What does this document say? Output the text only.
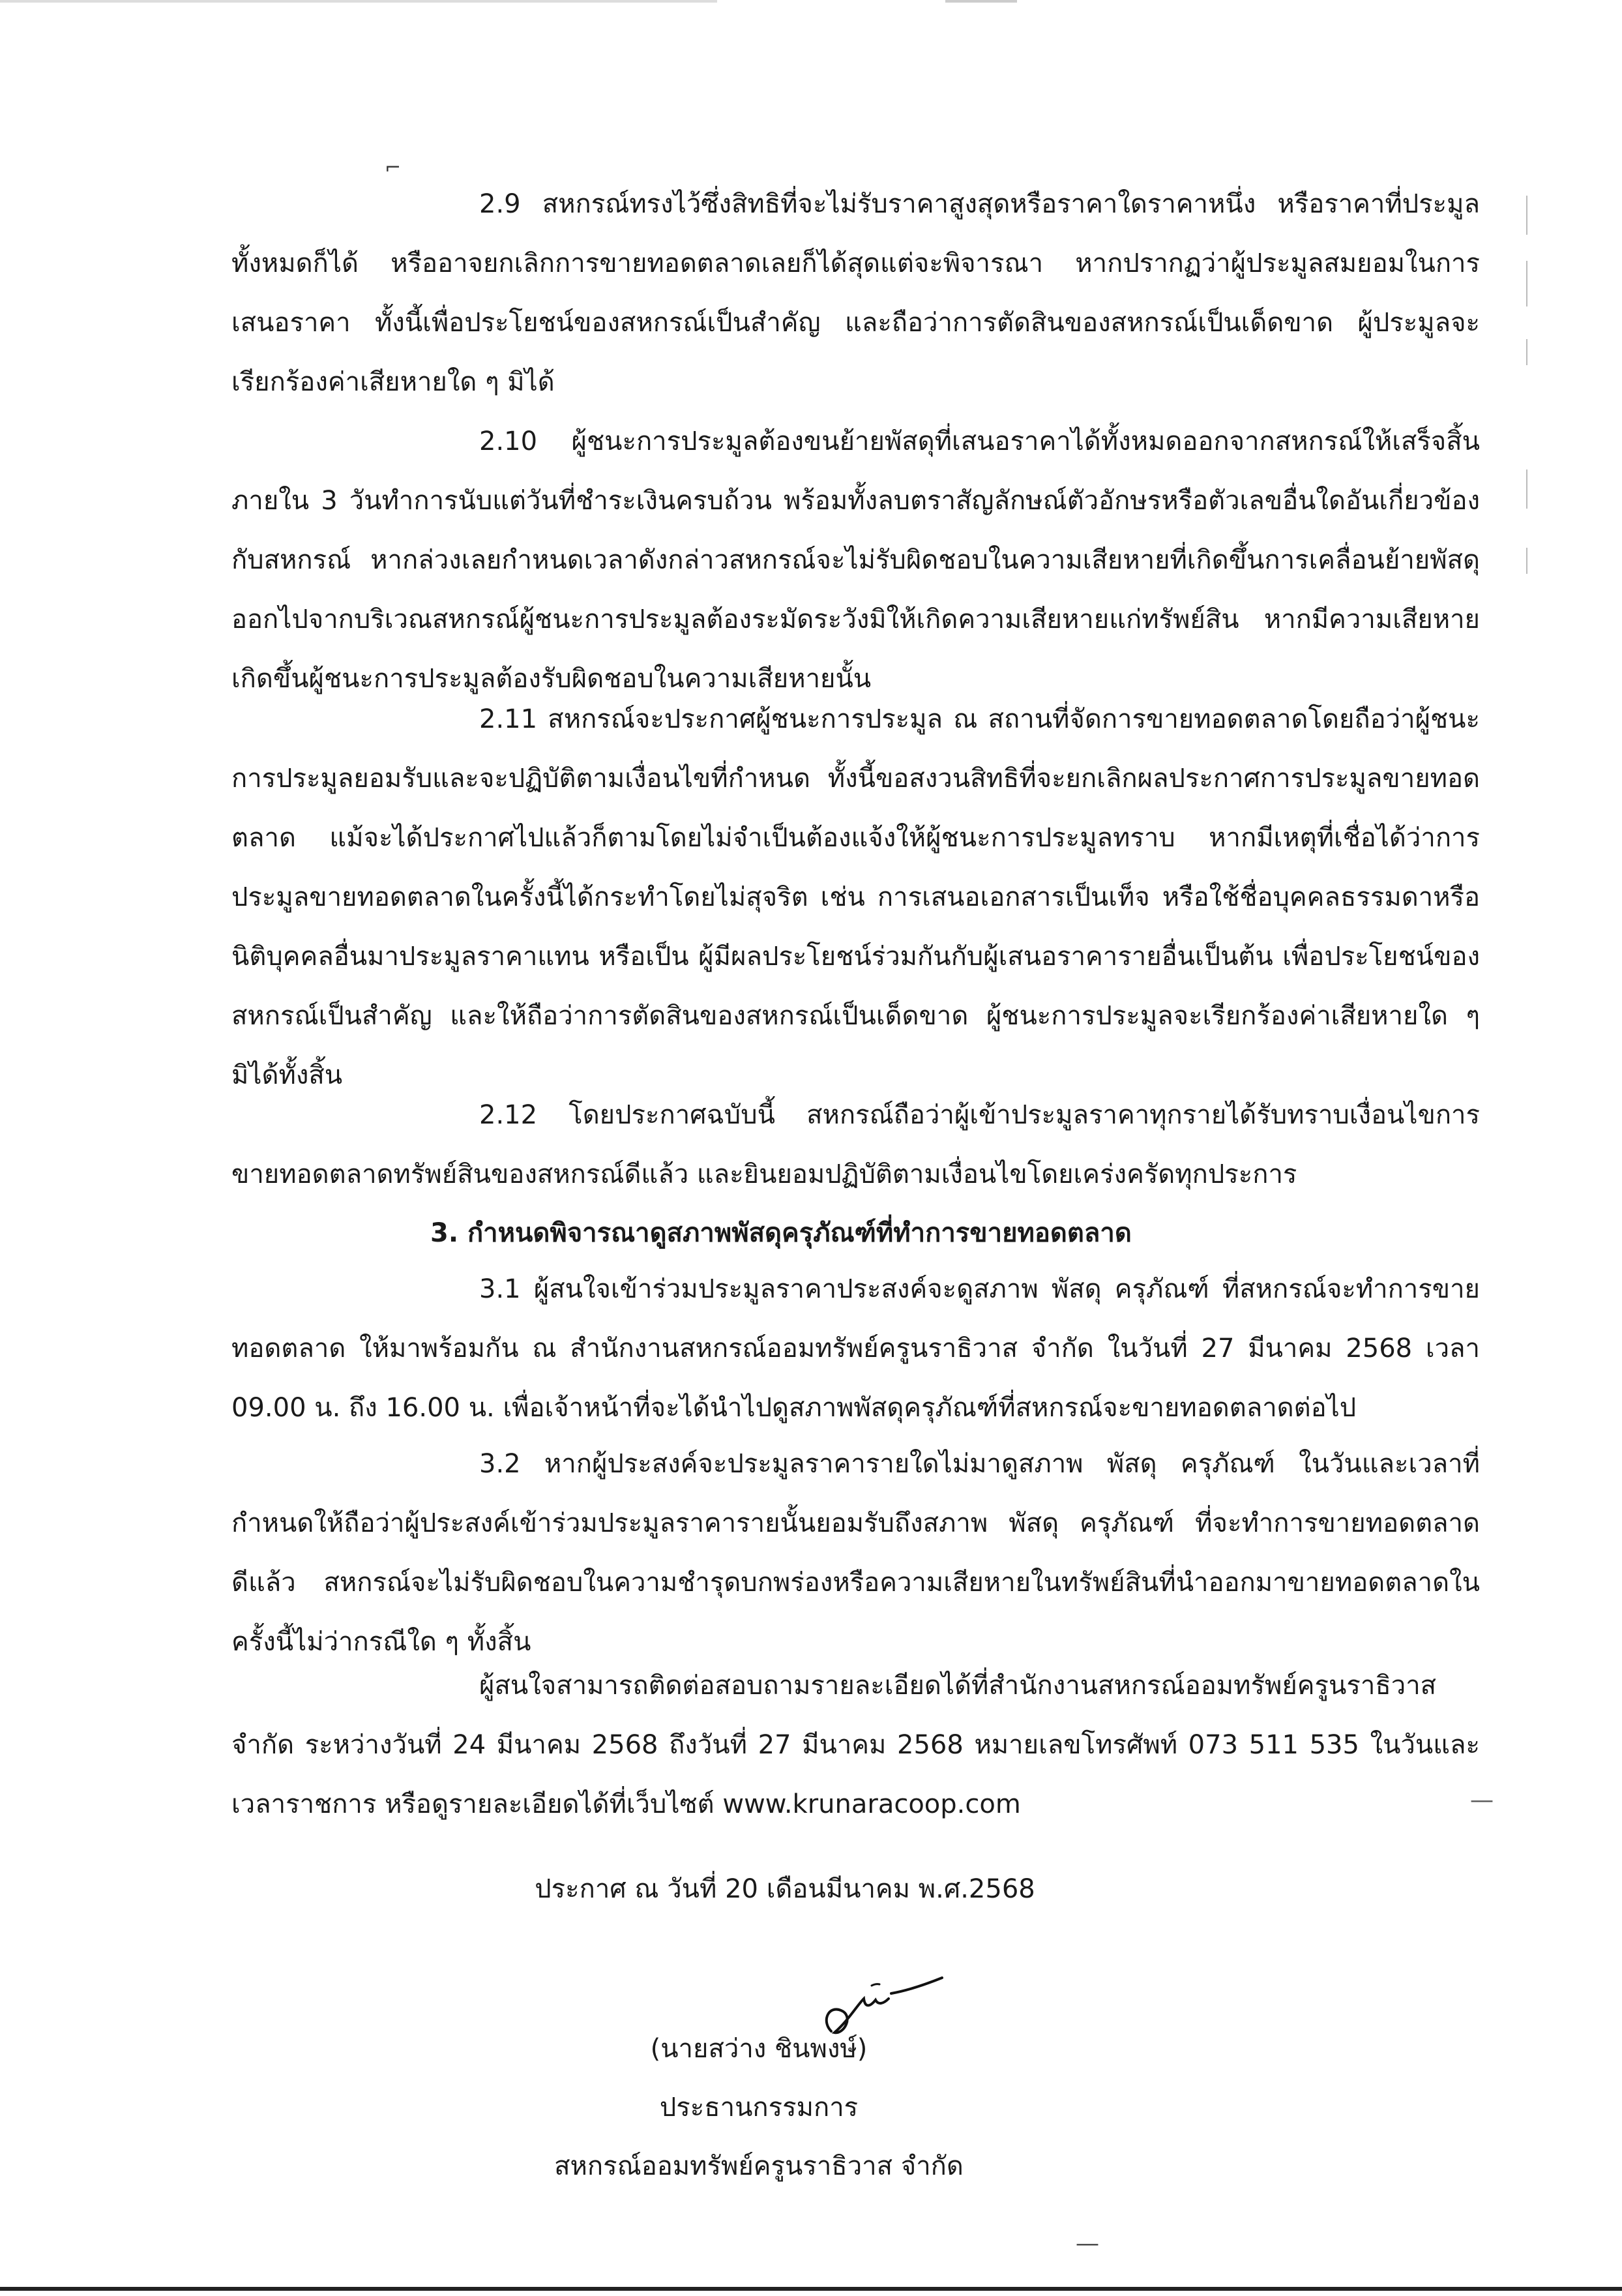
⌐
2.9 สหกรณ์ทรงไว้ซึ่งสิทธิที่จะไม่รับราคาสูงสุดหรือราคาใดราคาหนึ่ง หรือราคาที่ประมูลทั้งหมดก็ได้ หรืออาจยกเลิกการขายทอดตลาดเลยก็ได้สุดแต่จะพิจารณา หากปรากฏว่าผู้ประมูลสมยอมในการเสนอราคา ทั้งนี้เพื่อประโยชน์ของสหกรณ์เป็นสำคัญ และถือว่าการตัดสินของสหกรณ์เป็นเด็ดขาด ผู้ประมูลจะเรียกร้องค่าเสียหายใด ๆ มิได้
2.10 ผู้ชนะการประมูลต้องขนย้ายพัสดุที่เสนอราคาได้ทั้งหมดออกจากสหกรณ์ให้เสร็จสิ้นภายใน 3 วันทำการนับแต่วันที่ชำระเงินครบถ้วน พร้อมทั้งลบตราสัญลักษณ์ตัวอักษรหรือตัวเลขอื่นใดอันเกี่ยวข้องกับสหกรณ์ หากล่วงเลยกำหนดเวลาดังกล่าวสหกรณ์จะไม่รับผิดชอบในความเสียหายที่เกิดขึ้นการเคลื่อนย้ายพัสดุออกไปจากบริเวณสหกรณ์ผู้ชนะการประมูลต้องระมัดระวังมิให้เกิดความเสียหายแก่ทรัพย์สิน หากมีความเสียหายเกิดขึ้นผู้ชนะการประมูลต้องรับผิดชอบในความเสียหายนั้น
2.11 สหกรณ์จะประกาศผู้ชนะการประมูล ณ สถานที่จัดการขายทอดตลาดโดยถือว่าผู้ชนะการประมูลยอมรับและจะปฏิบัติตามเงื่อนไขที่กำหนด ทั้งนี้ขอสงวนสิทธิที่จะยกเลิกผลประกาศการประมูลขายทอดตลาด แม้จะได้ประกาศไปแล้วก็ตามโดยไม่จำเป็นต้องแจ้งให้ผู้ชนะการประมูลทราบ หากมีเหตุที่เชื่อได้ว่าการประมูลขายทอดตลาดในครั้งนี้ได้กระทำโดยไม่สุจริต เช่น การเสนอเอกสารเป็นเท็จ หรือใช้ชื่อบุคคลธรรมดาหรือนิติบุคคลอื่นมาประมูลราคาแทน หรือเป็น ผู้มีผลประโยชน์ร่วมกันกับผู้เสนอราคารายอื่นเป็นต้น เพื่อประโยชน์ของสหกรณ์เป็นสำคัญ และให้ถือว่าการตัดสินของสหกรณ์เป็นเด็ดขาด ผู้ชนะการประมูลจะเรียกร้องค่าเสียหายใด ๆ มิได้ทั้งสิ้น
2.12 โดยประกาศฉบับนี้ สหกรณ์ถือว่าผู้เข้าประมูลราคาทุกรายได้รับทราบเงื่อนไขการขายทอดตลาดทรัพย์สินของสหกรณ์ดีแล้ว และยินยอมปฏิบัติตามเงื่อนไขโดยเคร่งครัดทุกประการ
3. กำหนดพิจารณาดูสภาพพัสดุครุภัณฑ์ที่ทำการขายทอดตลาด
3.1 ผู้สนใจเข้าร่วมประมูลราคาประสงค์จะดูสภาพ พัสดุ ครุภัณฑ์ ที่สหกรณ์จะทำการขายทอดตลาด ให้มาพร้อมกัน ณ สำนักงานสหกรณ์ออมทรัพย์ครูนราธิวาส จำกัด ในวันที่ 27 มีนาคม 2568 เวลา 09.00 น. ถึง 16.00 น. เพื่อเจ้าหน้าที่จะได้นำไปดูสภาพพัสดุครุภัณฑ์ที่สหกรณ์จะขายทอดตลาดต่อไป
3.2 หากผู้ประสงค์จะประมูลราคารายใดไม่มาดูสภาพ พัสดุ ครุภัณฑ์ ในวันและเวลาที่กำหนดให้ถือว่าผู้ประสงค์เข้าร่วมประมูลราคารายนั้นยอมรับถึงสภาพ พัสดุ ครุภัณฑ์ ที่จะทำการขายทอดตลาดดีแล้ว สหกรณ์จะไม่รับผิดชอบในความชำรุดบกพร่องหรือความเสียหายในทรัพย์สินที่นำออกมาขายทอดตลาดในครั้งนี้ไม่ว่ากรณีใด ๆ ทั้งสิ้น
ผู้สนใจสามารถติดต่อสอบถามรายละเอียดได้ที่สำนักงานสหกรณ์ออมทรัพย์ครูนราธิวาส จำกัด ระหว่างวันที่ 24 มีนาคม 2568 ถึงวันที่ 27 มีนาคม 2568 หมายเลขโทรศัพท์ 073 511 535 ในวันและเวลาราชการ หรือดูรายละเอียดได้ที่เว็บไซต์ www.krunaracoop.com	—
ประกาศ ณ วันที่ 20 เดือนมีนาคม พ.ศ.2568
(นายสว่าง ชินพงษ์)
ประธานกรรมการ
สหกรณ์ออมทรัพย์ครูนราธิวาส จำกัด
—
